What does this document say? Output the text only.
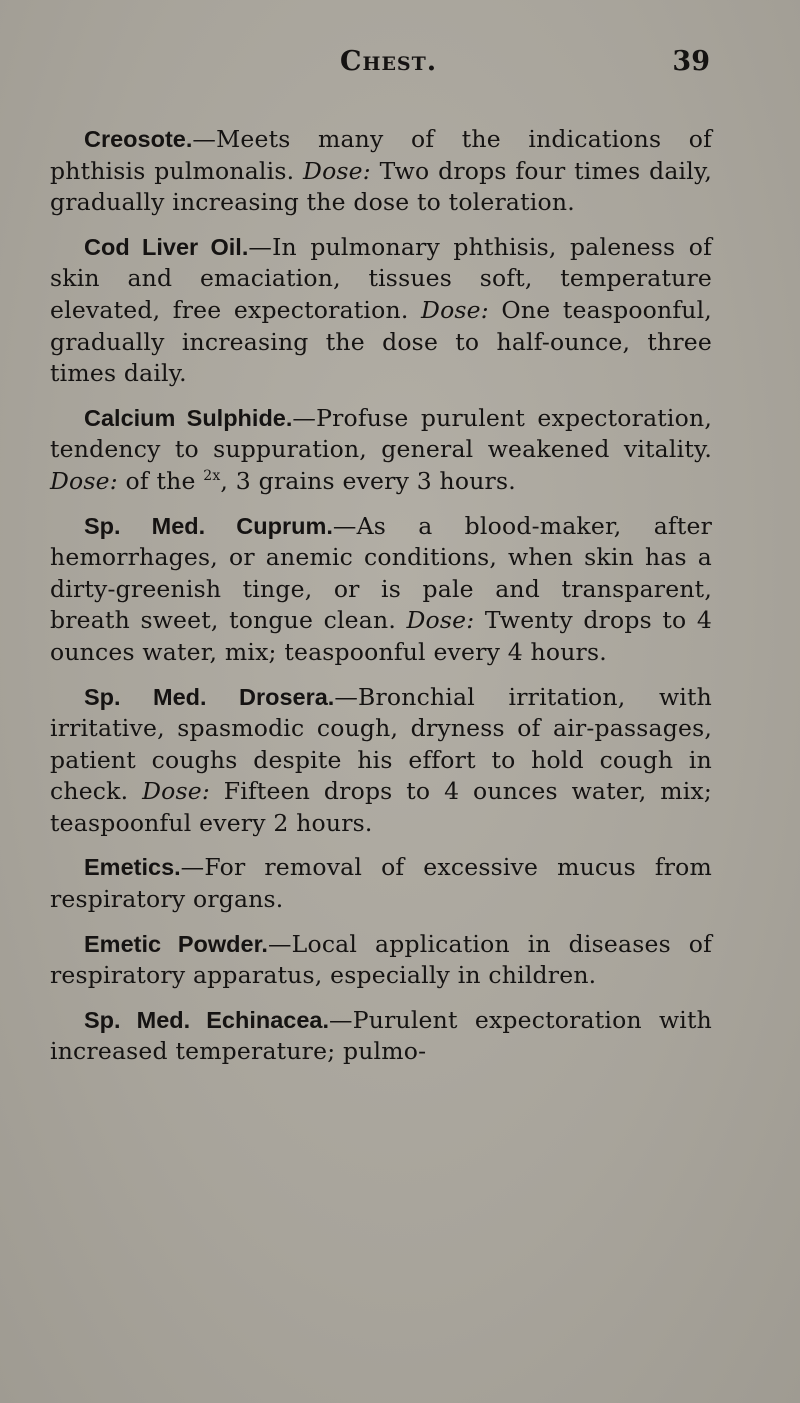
Chest.	39

Creosote.—Meets many of the indications of phthisis pulmonalis. Dose: Two drops four times daily, gradually increasing the dose to toleration.

Cod Liver Oil.—In pulmonary phthisis, paleness of skin and emaciation, tissues soft, temperature elevated, free expectoration. Dose: One teaspoonful, gradually increasing the dose to half-ounce, three times daily.

Calcium Sulphide.—Profuse purulent expectoration, tendency to suppuration, general weakened vitality. Dose: of the $^{2x}$, 3 grains every 3 hours.

Sp. Med. Cuprum.—As a blood-maker, after hemorrhages, or anemic conditions, when skin has a dirty-greenish tinge, or is pale and transparent, breath sweet, tongue clean. Dose: Twenty drops to 4 ounces water, mix; teaspoonful every 4 hours.

Sp. Med. Drosera.—Bronchial irritation, with irritative, spasmodic cough, dryness of air-passages, patient coughs despite his effort to hold cough in check. Dose: Fifteen drops to 4 ounces water, mix; teaspoonful every 2 hours.

Emetics.—For removal of excessive mucus from respiratory organs.

Emetic Powder.—Local application in diseases of respiratory apparatus, especially in children.

Sp. Med. Echinacea.—Purulent expectoration with increased temperature; pulmo-
